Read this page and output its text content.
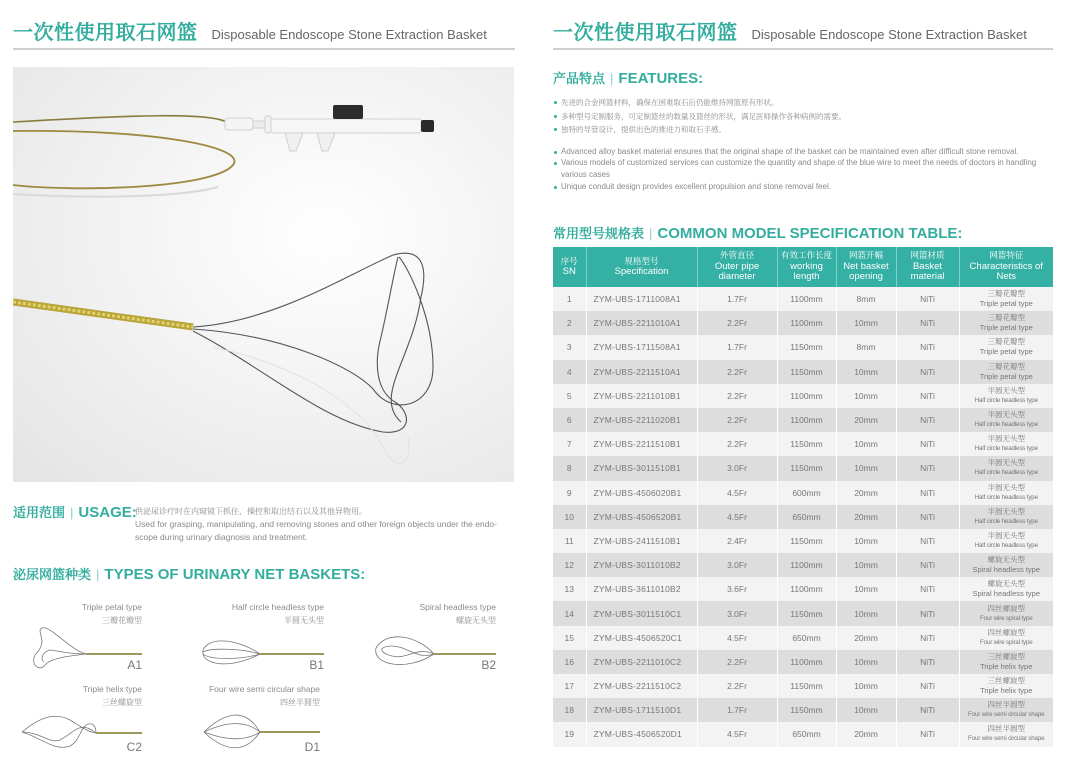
一次性使用取石网篮 Disposable Endoscope Stone Extraction Basket
适用范围 | USAGE:
供泌尿诊疗时在内窥镜下抓住、操控和取出结石以及其他异物用。
Used for grasping, manipulating, and removing stones and other foreign objects under the endo-scope during urinary diagnosis and treatment.
泌尿网篮种类 | TYPES OF URINARY NET BASKETS:
Triple petal type
三瓣花瓣型
A1
Half circle headless type
半圆无头型
B1
Spiral headless type
螺旋无头型
B2
Triple helix type
三丝螺旋型
C2
Four wire semi circular shape
四丝半圆型
D1
一次性使用取石网篮 Disposable Endoscope Stone Extraction Basket
产品特点 | FEATURES:
先进的合金网篮材料，确保在困难取石后仍能维持网篮原有形状。
多种型号定制服务，可定制篮丝的数量及篮丝的形状，满足医师操作各种病例的需要。
独特的导管设计，提供出色的推进力和取石手感。
Advanced alloy basket material ensures that the original shape of the basket can be maintained even after difficult stone removal.
Various models of customized services can customize the quantity and shape of the blue wire to meet the needs of doctors in handling various cases
Unique conduit design provides excellent propulsion and stone removal feel.
常用型号规格表 | COMMON MODEL SPECIFICATION TABLE:
序号
SN	规格型号
Specification	外管直径
Outer pipe diameter	有效工作长度
working length	网篮开幅
Net basket opening	网篮材质
Basket material	网篮特征
Characteristics of Nets
1	ZYM-UBS-1711008A1	1.7Fr	1100mm	8mm	NiTi	三瓣花瓣型
Triple petal type

2	ZYM-UBS-2211010A1	2.2Fr	1100mm	10mm	NiTi	三瓣花瓣型
Triple petal type

3	ZYM-UBS-1711508A1	1.7Fr	1150mm	8mm	NiTi	三瓣花瓣型
Triple petal type

4	ZYM-UBS-2211510A1	2.2Fr	1150mm	10mm	NiTi	三瓣花瓣型
Triple petal type

5	ZYM-UBS-2211010B1	2.2Fr	1100mm	10mm	NiTi	半圆无头型
Half circle headless type

6	ZYM-UBS-2211020B1	2.2Fr	1100mm	20mm	NiTi	半圆无头型
Half circle headless type

7	ZYM-UBS-2211510B1	2.2Fr	1150mm	10mm	NiTi	半圆无头型
Half circle headless type

8	ZYM-UBS-3011510B1	3.0Fr	1150mm	10mm	NiTi	半圆无头型
Half circle headless type

9	ZYM-UBS-4506020B1	4.5Fr	600mm	20mm	NiTi	半圆无头型
Half circle headless type

10	ZYM-UBS-4506520B1	4.5Fr	650mm	20mm	NiTi	半圆无头型
Half circle headless type

11	ZYM-UBS-2411510B1	2.4Fr	1150mm	10mm	NiTi	半圆无头型
Half circle headless type

12	ZYM-UBS-3011010B2	3.0Fr	1100mm	10mm	NiTi	螺旋无头型
Spiral headless type

13	ZYM-UBS-3611010B2	3.6Fr	1100mm	10mm	NiTi	螺旋无头型
Spiral headless type

14	ZYM-UBS-3011510C1	3.0Fr	1150mm	10mm	NiTi	四丝螺旋型
Four wire spiral type

15	ZYM-UBS-4506520C1	4.5Fr	650mm	20mm	NiTi	四丝螺旋型
Four wire spiral type

16	ZYM-UBS-2211010C2	2.2Fr	1100mm	10mm	NiTi	三丝螺旋型
Triple helix type

17	ZYM-UBS-2211510C2	2.2Fr	1150mm	10mm	NiTi	三丝螺旋型
Triple helix type

18	ZYM-UBS-1711510D1	1.7Fr	1150mm	10mm	NiTi	四丝半圆型
Four wire semi circular shape

19	ZYM-UBS-4506520D1	4.5Fr	650mm	20mm	NiTi	四丝半圆型
Four wire semi circular shape
